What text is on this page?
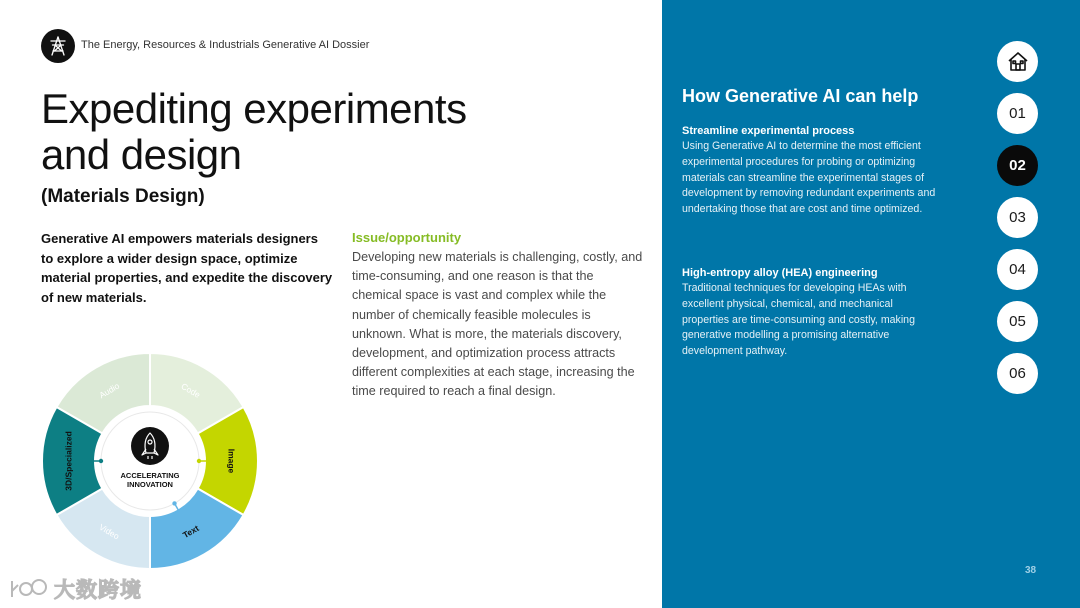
The Energy, Resources & Industrials Generative AI Dossier
Expediting experiments
and design
(Materials Design)
Generative AI empowers materials designers to explore a wider design space, optimize material properties, and expedite the discovery of new materials.
Issue/opportunity
Developing new materials is challenging, costly, and time-consuming, and one reason is that the chemical space is vast and complex while the number of chemically feasible molecules is unknown. What is more, the materials discovery, development, and optimization process attracts different complexities at each stage, increasing the time required to reach a final design.
Audio	Code
Image
Text
Video
3D/Specialized	ACCELERATING
INNOVATION
大数跨境
How Generative AI can help
Streamline experimental process
Using Generative AI to determine the most efficient experimental procedures for probing or optimizing materials can streamline the experimental stages of development by removing redundant experiments and undertaking those that are cost and time optimized.
High-entropy alloy (HEA) engineering
Traditional techniques for developing HEAs with excellent physical, chemical, and mechanical properties are time-consuming and costly, making generative modelling a promising alternative development pathway.
01
02
03
04
05
06
38
